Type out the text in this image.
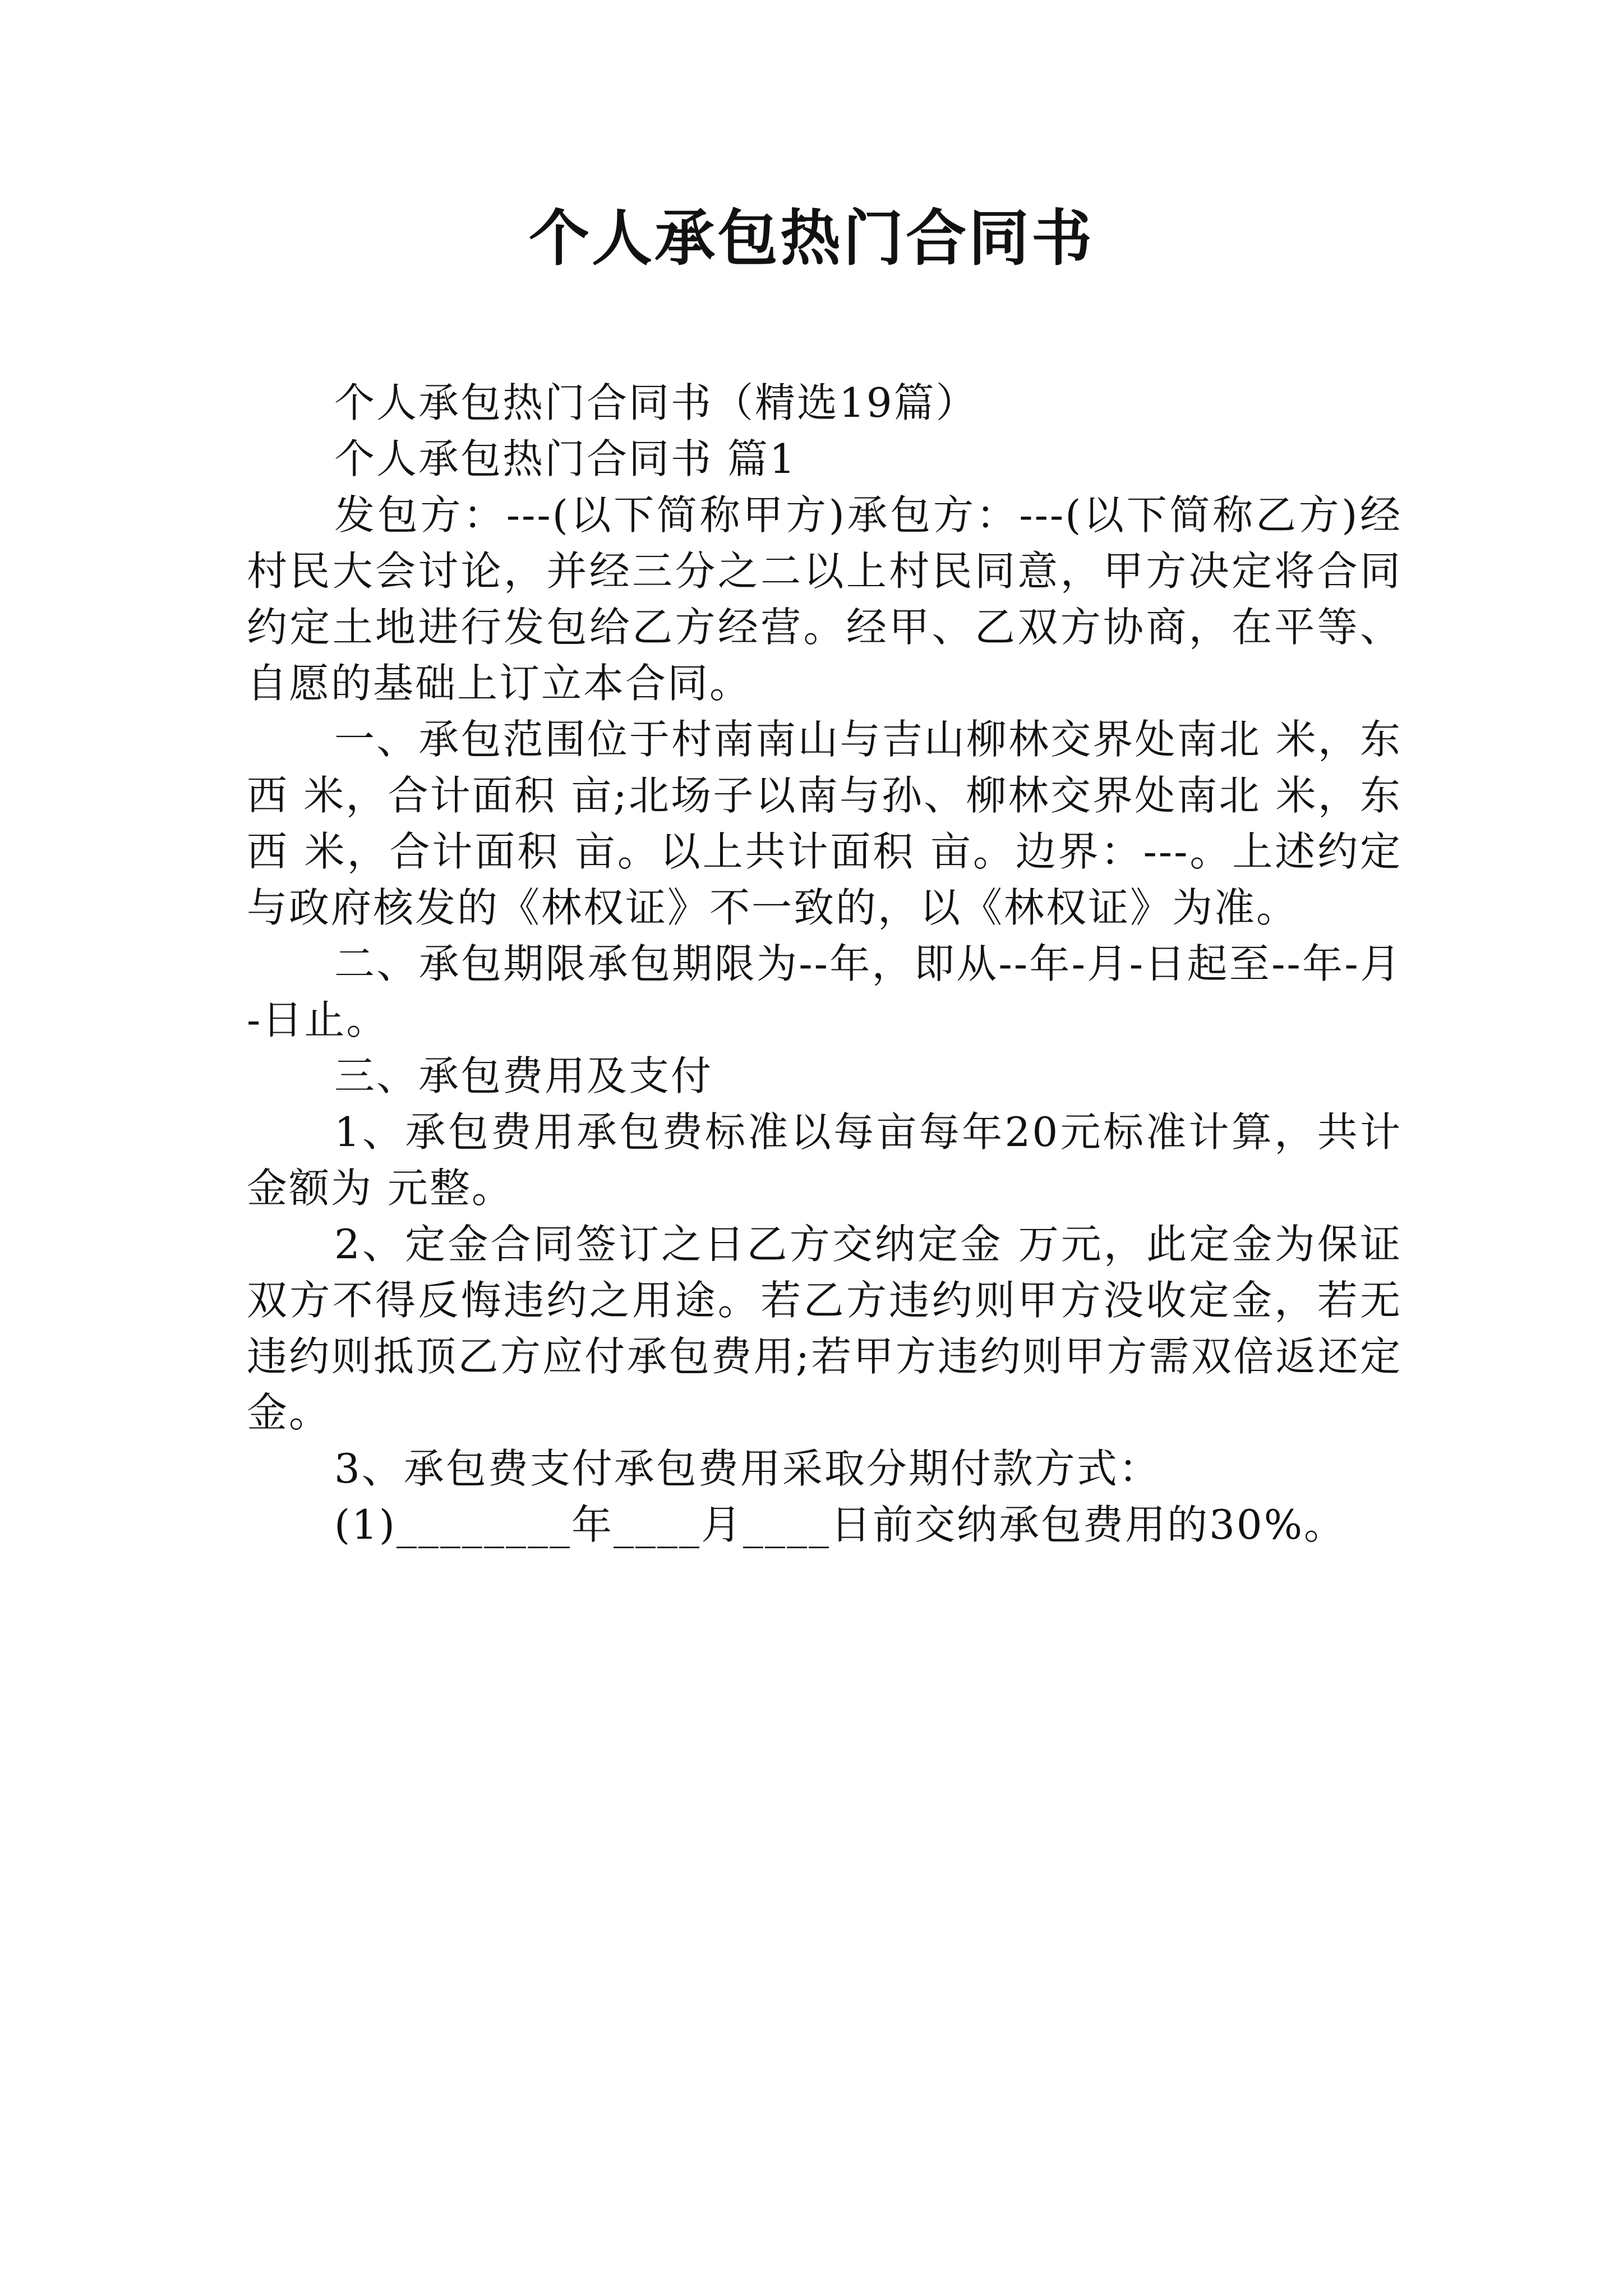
个人承包热门合同书

个人承包热门合同书（精选19篇）

个人承包热门合同书 篇1

发包方：---(以下简称甲方)承包方：---(以下简称乙方)经村民大会讨论，并经三分之二以上村民同意，甲方决定将合同约定土地进行发包给乙方经营。经甲、乙双方协商，在平等、自愿的基础上订立本合同。

一、承包范围位于村南南山与吉山柳林交界处南北 米，东西 米，合计面积 亩;北场子以南与孙、柳林交界处南北 米，东西 米，合计面积 亩。以上共计面积 亩。边界：---。上述约定与政府核发的《林权证》不一致的，以《林权证》为准。

二、承包期限承包期限为--年，即从--年-月-日起至--年-月-日止。

三、承包费用及支付

1、承包费用承包费标准以每亩每年20元标准计算，共计金额为 元整。

2、定金合同签订之日乙方交纳定金 万元，此定金为保证双方不得反悔违约之用途。若乙方违约则甲方没收定金，若无违约则抵顶乙方应付承包费用;若甲方违约则甲方需双倍返还定金。

3、承包费支付承包费用采取分期付款方式：

(1)________年____月____日前交纳承包费用的30%。
